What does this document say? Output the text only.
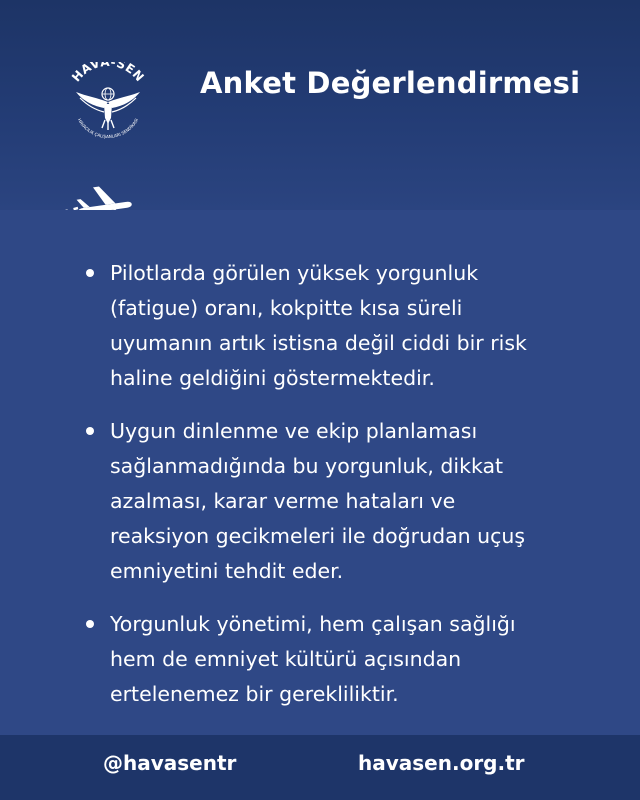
HAVA-SEN
HAVACILIK ÇALIŞANLARI SENDİKASI
Anket Değerlendirmesi
Pilotlarda görülen yüksek yorgunluk (fatigue) oranı, kokpitte kısa süreli uyumanın artık istisna değil ciddi bir risk haline geldiğini göstermektedir.
Uygun dinlenme ve ekip planlaması sağlanmadığında bu yorgunluk, dikkat azalması, karar verme hataları ve reaksiyon gecikmeleri ile doğrudan uçuş emniyetini tehdit eder.
Yorgunluk yönetimi, hem çalışan sağlığı hem de emniyet kültürü açısından ertelenemez bir gerekliliktir.
@havasentr	havasen.org.tr
